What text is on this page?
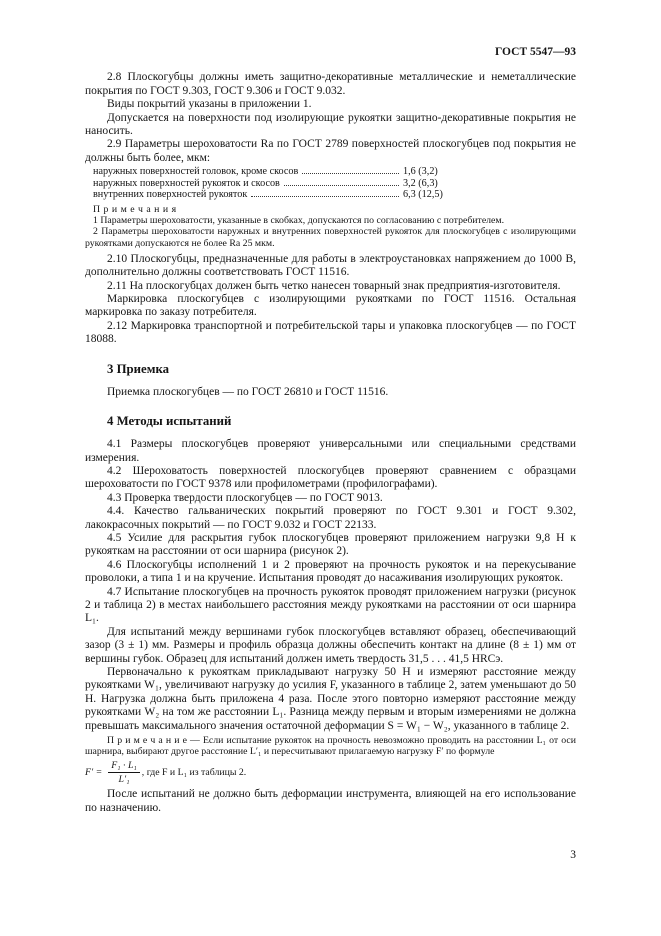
ГОСТ 5547—93

2.8 Плоскогубцы должны иметь защитно-декоративные металлические и неметаллические покрытия по ГОСТ 9.303, ГОСТ 9.306 и ГОСТ 9.032.

Виды покрытий указаны в приложении 1.

Допускается на поверхности под изолирующие рукоятки защитно-декоративные покрытия не наносить.

2.9 Параметры шероховатости Ra по ГОСТ 2789 поверхностей плоскогубцев под покрытия не должны быть более, мкм:

наружных поверхностей головок, кроме скосов	1,6 (3,2)
наружных поверхностей рукояток и скосов	3,2 (6,3)
внутренних поверхностей рукояток	6,3 (12,5)

П р и м е ч а н и я

1 Параметры шероховатости, указанные в скобках, допускаются по согласованию с потребителем.

2 Параметры шероховатости наружных и внутренних поверхностей рукояток для плоскогубцев с изолирующими рукоятками допускаются не более Ra 25 мкм.

2.10 Плоскогубцы, предназначенные для работы в электроустановках напряжением до 1000 В, дополнительно должны соответствовать ГОСТ 11516.

2.11 На плоскогубцах должен быть четко нанесен товарный знак предприятия-изготовителя.

Маркировка плоскогубцев с изолирующими рукоятками по ГОСТ 11516. Остальная маркировка по заказу потребителя.

2.12 Маркировка транспортной и потребительской тары и упаковка плоскогубцев — по ГОСТ 18088.

3 Приемка

Приемка плоскогубцев — по ГОСТ 26810 и ГОСТ 11516.

4 Методы испытаний

4.1 Размеры плоскогубцев проверяют универсальными или специальными средствами измерения.

4.2 Шероховатость поверхностей плоскогубцев проверяют сравнением с образцами шероховатости по ГОСТ 9378 или профилометрами (профилографами).

4.3 Проверка твердости плоскогубцев — по ГОСТ 9013.

4.4. Качество гальванических покрытий проверяют по ГОСТ 9.301 и ГОСТ 9.302, лакокрасочных покрытий — по ГОСТ 9.032 и ГОСТ 22133.

4.5 Усилие для раскрытия губок плоскогубцев проверяют приложением нагрузки 9,8 Н к рукояткам на расстоянии от оси шарнира (рисунок 2).

4.6 Плоскогубцы исполнений 1 и 2 проверяют на прочность рукояток и на перекусывание проволоки, а типа 1 и на кручение. Испытания проводят до насаживания изолирующих рукояток.

4.7 Испытание плоскогубцев на прочность рукояток проводят приложением нагрузки (рисунок 2 и таблица 2) в местах наибольшего расстояния между рукоятками на расстоянии от оси шарнира L₁.

Для испытаний между вершинами губок плоскогубцев вставляют образец, обеспечивающий зазор (3 ± 1) мм. Размеры и профиль образца должны обеспечить контакт на длине (8 ± 1) мм от вершины губок. Образец для испытаний должен иметь твердость 31,5 . . . 41,5 HRCэ.

Первоначально к рукояткам прикладывают нагрузку 50 Н и измеряют расстояние между рукоятками W₁, увеличивают нагрузку до усилия F, указанного в таблице 2, затем уменьшают до 50 Н. Нагрузка должна быть приложена 4 раза. После этого повторно измеряют расстояние между рукоятками W₂ на том же расстоянии L₁. Разница между первым и вторым измерениями не должна превышать максимального значения остаточной деформации S = W₁ − W₂, указанного в таблице 2.

П р и м е ч а н и е — Если испытание рукояток на прочность невозможно проводить на расстоянии L₁ от оси шарнира, выбирают другое расстояние L′₁ и пересчитывают прилагаемую нагрузку F′ по формуле

$F' = \frac{\text{F₁ · L₁}}{\text{L′₁}}$ , где F и L₁ из таблицы 2.

После испытаний не должно быть деформации инструмента, влияющей на его использование по назначению.

3
